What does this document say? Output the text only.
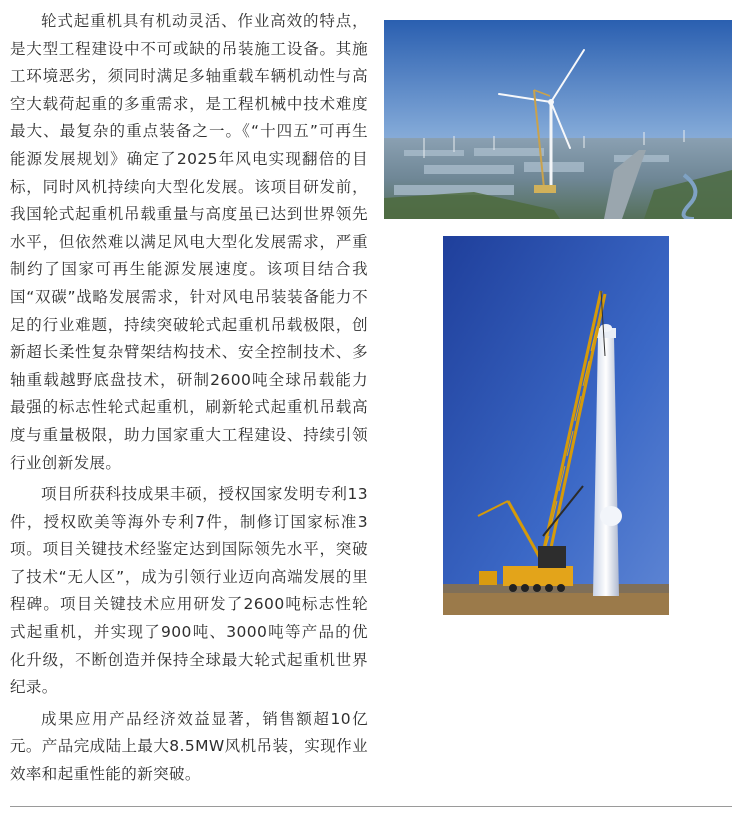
轮式起重机具有机动灵活、作业高效的特点，是大型工程建设中不可或缺的吊装施工设备。其施工环境恶劣，须同时满足多轴重载车辆机动性与高空大载荷起重的多重需求，是工程机械中技术难度最大、最复杂的重点装备之一。《“十四五”可再生能源发展规划》确定了2025年风电实现翻倍的目标，同时风机持续向大型化发展。该项目研发前，我国轮式起重机吊载重量与高度虽已达到世界领先水平，但依然难以满足风电大型化发展需求，严重制约了国家可再生能源发展速度。该项目结合我国“双碳”战略发展需求，针对风电吊装装备能力不足的行业难题，持续突破轮式起重机吊载极限，创新超长柔性复杂臂架结构技术、安全控制技术、多轴重载越野底盘技术，研制2600吨全球吊载能力最强的标志性轮式起重机，刷新轮式起重机吊载高度与重量极限，助力国家重大工程建设、持续引领行业创新发展。

项目所获科技成果丰硕，授权国家发明专利13件，授权欧美等海外专利7件，制修订国家标准3项。项目关键技术经鉴定达到国际领先水平，突破了技术“无人区”，成为引领行业迈向高端发展的里程碑。项目关键技术应用研发了2600吨标志性轮式起重机，并实现了900吨、3000吨等产品的优化升级，不断创造并保持全球最大轮式起重机世界纪录。

成果应用产品经济效益显著，销售额超10亿元。产品完成陆上最大8.5MW风机吊装，实现作业效率和起重性能的新突破。
